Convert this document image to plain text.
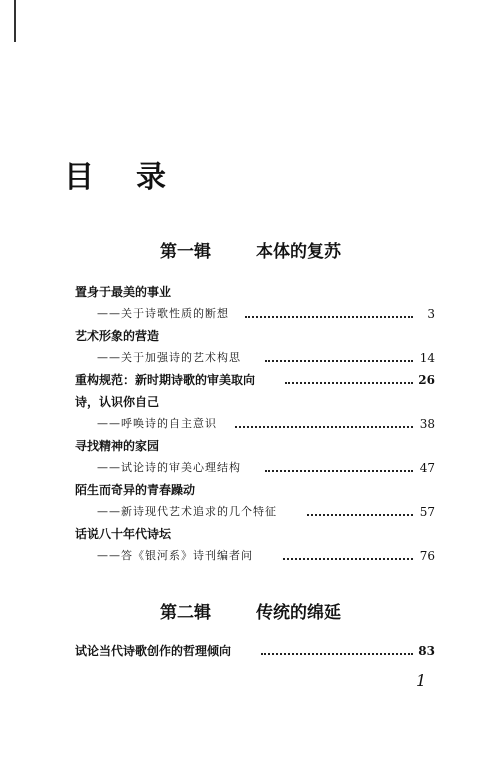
目 录
第一辑	本体的复苏
置身于最美的事业
——关于诗歌性质的断想	3
艺术形象的营造
——关于加强诗的艺术构思	14
重构规范：新时期诗歌的审美取向	26
诗，认识你自己
——呼唤诗的自主意识	38
寻找精神的家园
——试论诗的审美心理结构	47
陌生而奇异的青春躁动
——新诗现代艺术追求的几个特征	57
话说八十年代诗坛
——答《银河系》诗刊编者问	76
第二辑	传统的绵延
试论当代诗歌创作的哲理倾向	83
1
